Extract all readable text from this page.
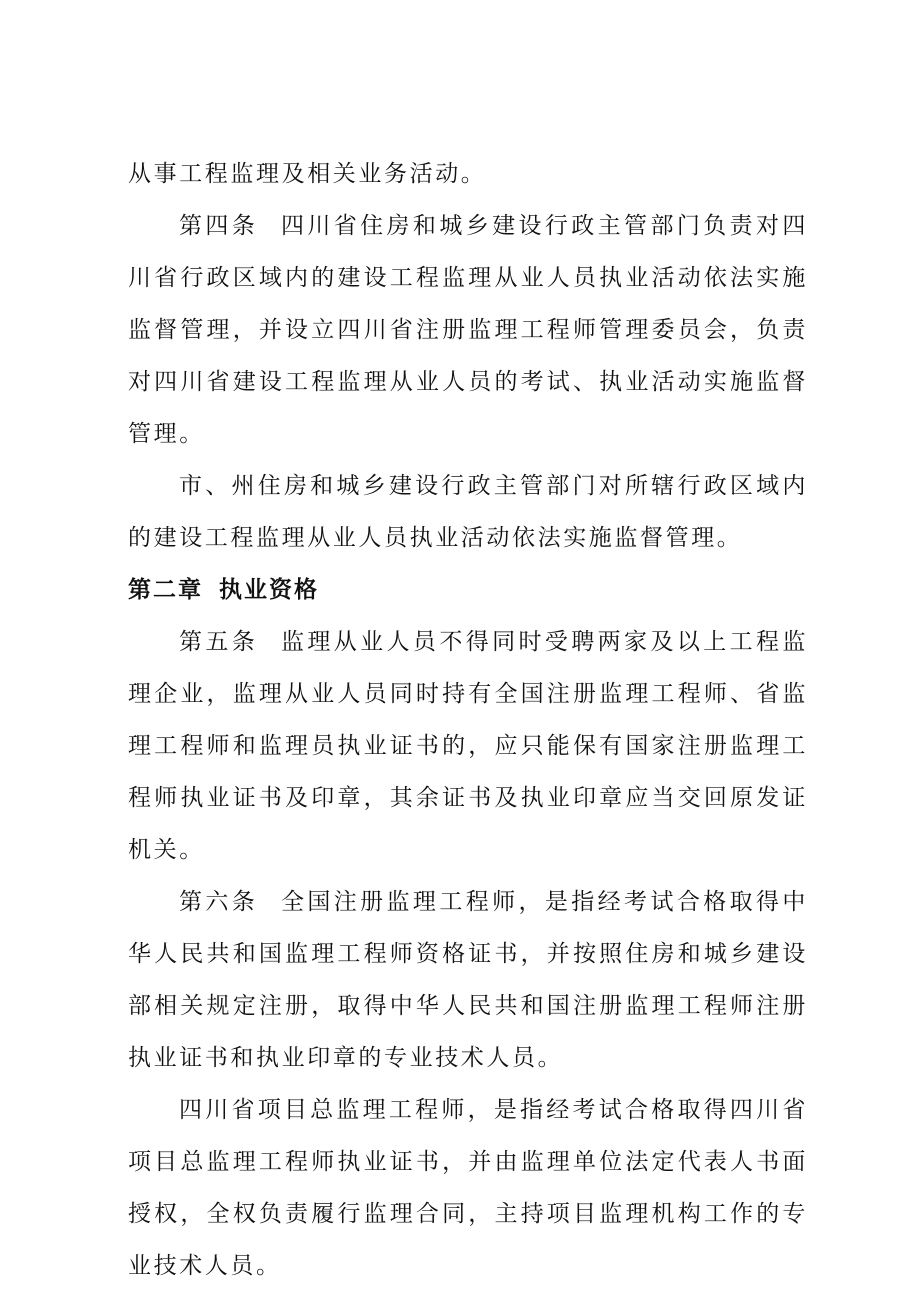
从事工程监理及相关业务活动。

第四条 四川省住房和城乡建设行政主管部门负责对四川省行政区域内的建设工程监理从业人员执业活动依法实施监督管理，并设立四川省注册监理工程师管理委员会，负责对四川省建设工程监理从业人员的考试、执业活动实施监督管理。

市、州住房和城乡建设行政主管部门对所辖行政区域内的建设工程监理从业人员执业活动依法实施监督管理。

第二章 执业资格

第五条 监理从业人员不得同时受聘两家及以上工程监理企业，监理从业人员同时持有全国注册监理工程师、省监理工程师和监理员执业证书的，应只能保有国家注册监理工程师执业证书及印章，其余证书及执业印章应当交回原发证机关。

第六条 全国注册监理工程师，是指经考试合格取得中华人民共和国监理工程师资格证书，并按照住房和城乡建设部相关规定注册，取得中华人民共和国注册监理工程师注册执业证书和执业印章的专业技术人员。

四川省项目总监理工程师，是指经考试合格取得四川省项目总监理工程师执业证书，并由监理单位法定代表人书面授权，全权负责履行监理合同，主持项目监理机构工作的专业技术人员。
